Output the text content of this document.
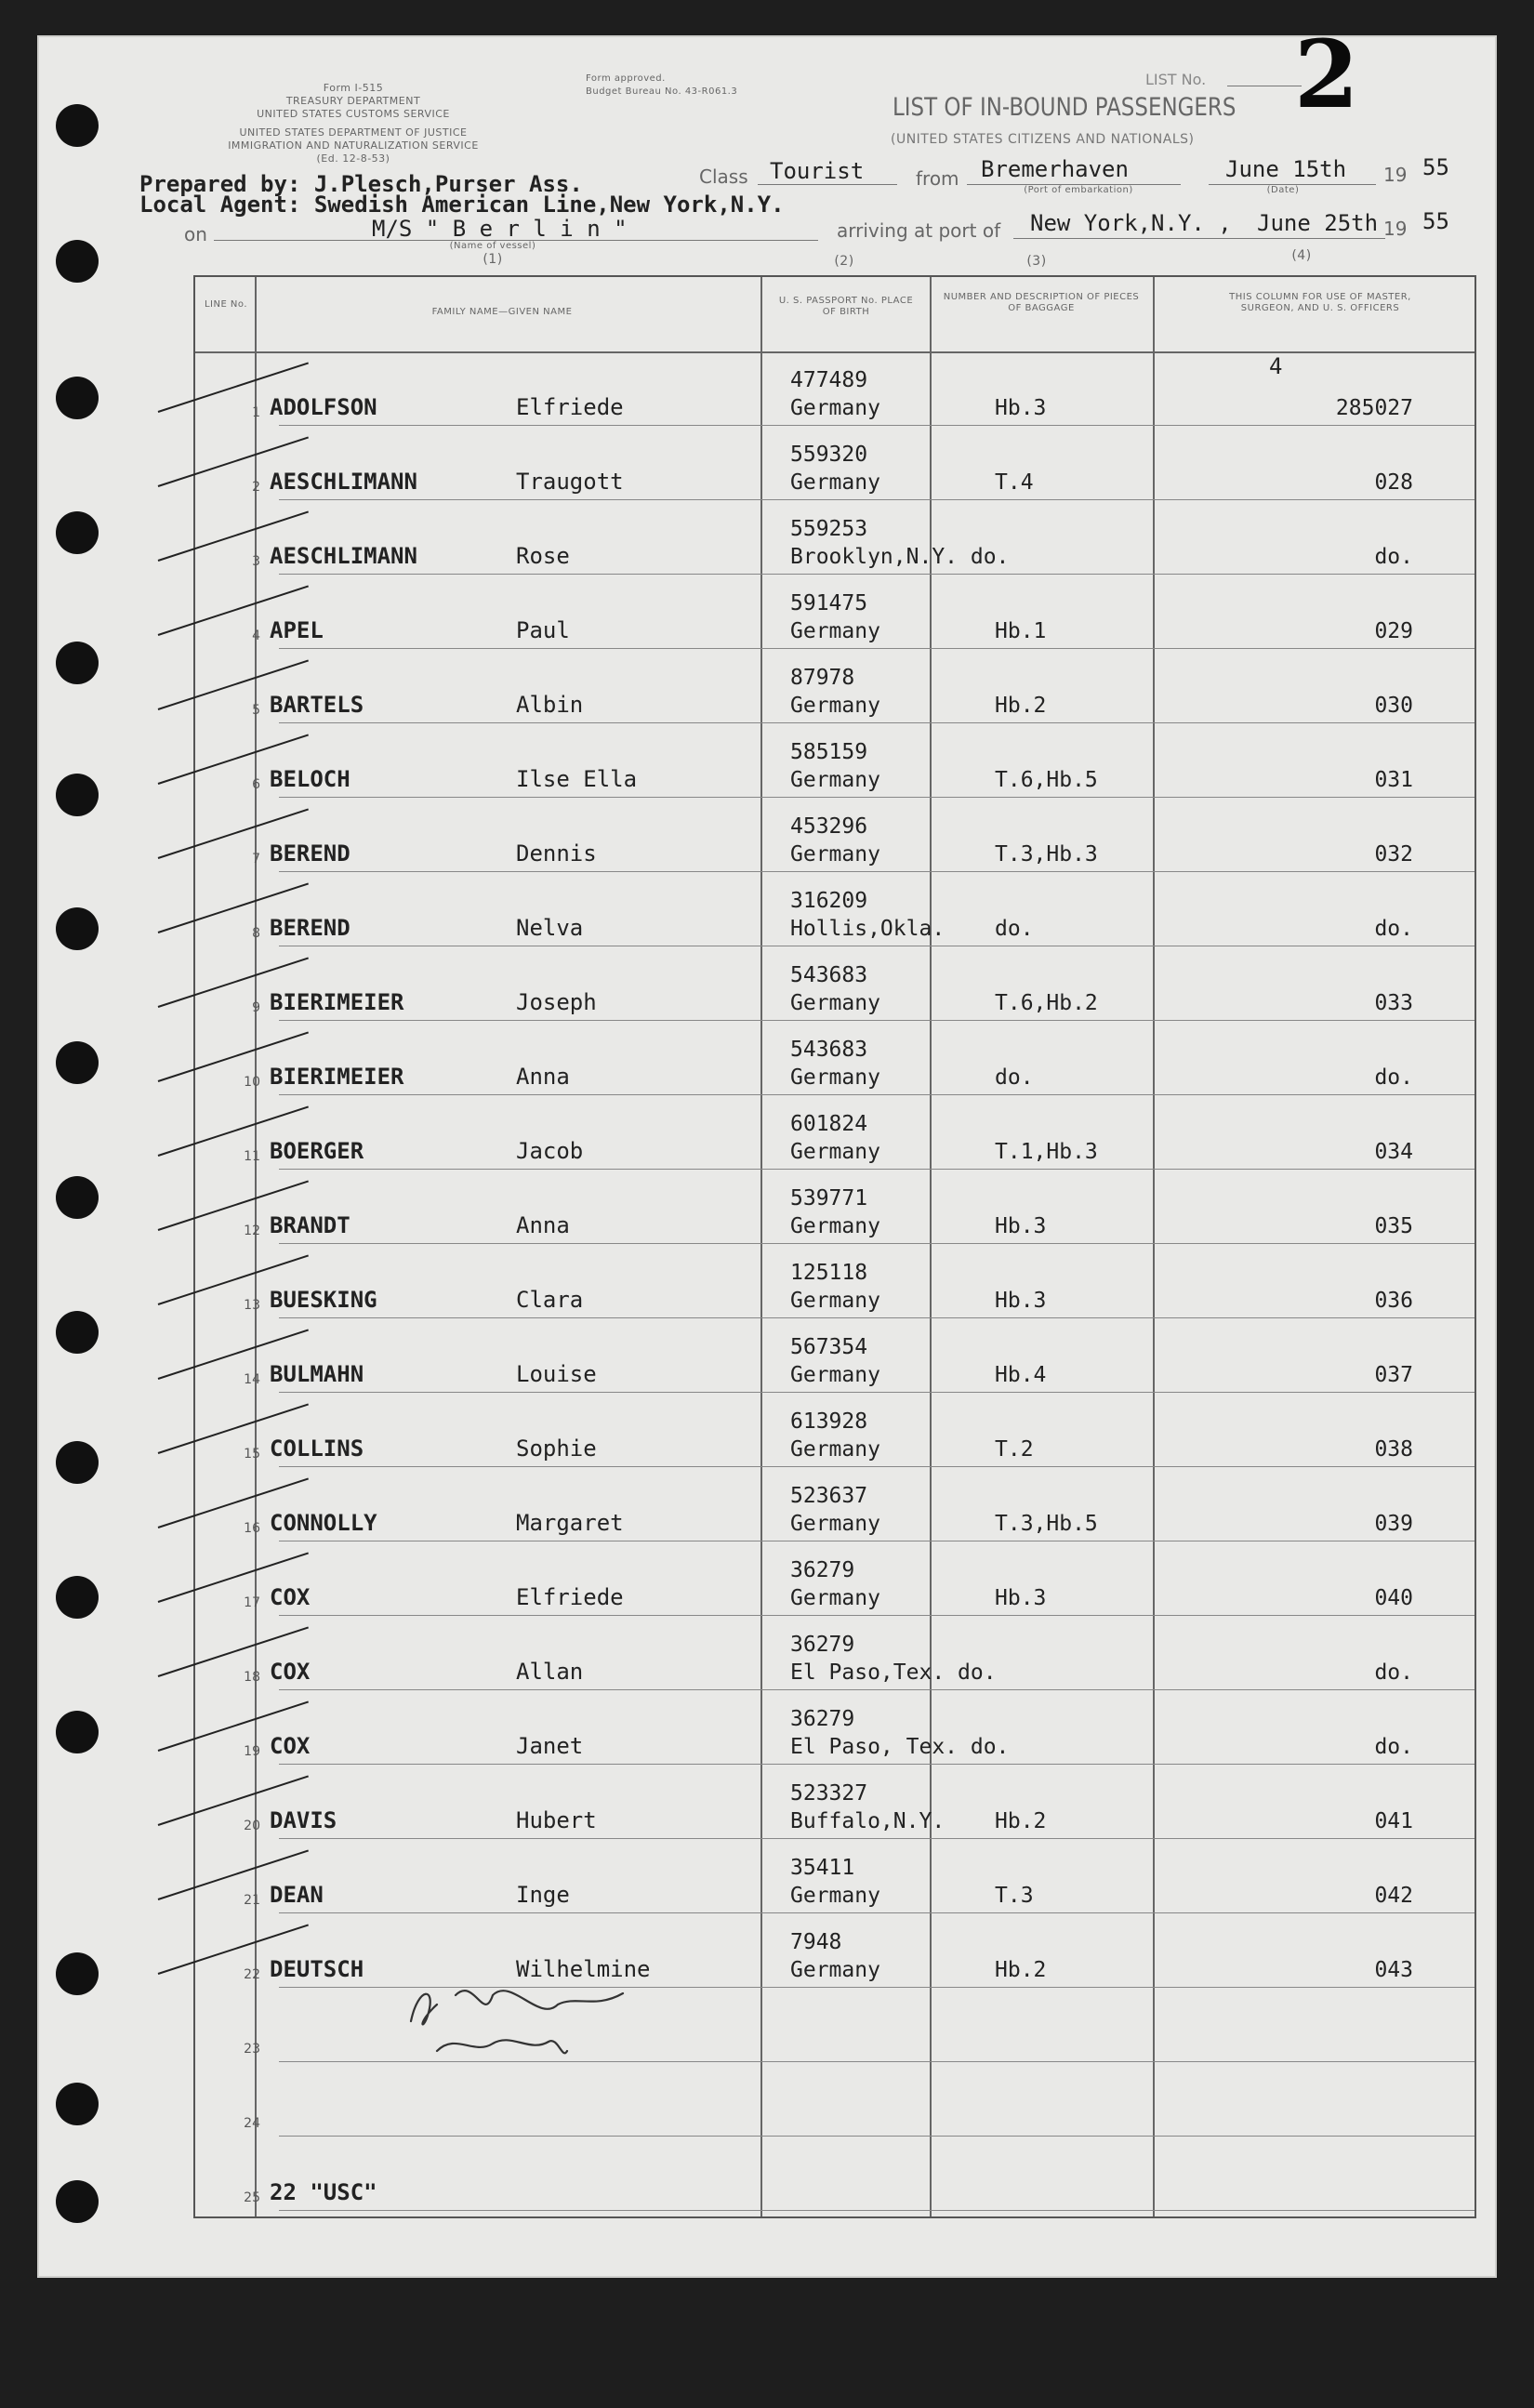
Form I-515
TREASURY DEPARTMENT
UNITED STATES CUSTOMS SERVICE
UNITED STATES DEPARTMENT OF JUSTICE
IMMIGRATION AND NATURALIZATION SERVICE
(Ed. 12-8-53)
Form approved.
Budget Bureau No. 43-R061.3
LIST OF IN-BOUND PASSENGERS
(UNITED STATES CITIZENS AND NATIONALS)
LIST No. 2
Prepared by: J.Plesch,Purser Ass.
Local Agent: Swedish American Line,New York,N.Y.
Class Tourist	from Bremerhaven
(Port of embarkation)
June 15th
(Date)
19 55
on	M/S " B e r l i n "
(Name of vessel)
(1)
arriving at port of New York,N.Y. , June 25th 19 55
(2)	(3)	(4)
LINE No.
FAMILY NAME—GIVEN NAME
U. S. PASSPORT No. PLACE OF BIRTH
NUMBER AND DESCRIPTION OF PIECES OF BAGGAGE
THIS COLUMN FOR USE OF MASTER, SURGEON, AND U. S. OFFICERS
4
1 ADOLFSON	Elfriede
477489
Germany	Hb.3	285027
2 AESCHLIMANN	Traugott
559320
Germany	T.4	028
3 AESCHLIMANN	Rose
559253
Brooklyn,N.Y. do.	do.
4 APEL	Paul
591475
Germany	Hb.1	029
5 BARTELS	Albin
87978
Germany	Hb.2	030
6 BELOCH	Ilse Ella
585159
Germany	T.6,Hb.5	031
7 BEREND	Dennis
453296
Germany	T.3,Hb.3	032
8 BEREND	Nelva
316209
Hollis,Okla. do.	do.
9 BIERIMEIER	Joseph
543683
Germany	T.6,Hb.2	033
10 BIERIMEIER	Anna
543683
Germany	do.	do.
11 BOERGER	Jacob
601824
Germany	T.1,Hb.3	034
12 BRANDT	Anna
539771
Germany	Hb.3	035
13 BUESKING	Clara
125118
Germany	Hb.3	036
14 BULMAHN	Louise
567354
Germany	Hb.4	037
15 COLLINS	Sophie
613928
Germany	T.2	038
16 CONNOLLY	Margaret
523637
Germany	T.3,Hb.5	039
17 COX	Elfriede
36279
Germany	Hb.3	040
18 COX	Allan
36279
El Paso,Tex. do.	do.
19 COX	Janet
36279
El Paso, Tex. do.	do.
20 DAVIS	Hubert
523327
Buffalo,N.Y. Hb.2	041
21 DEAN	Inge
35411
Germany	T.3	042
22 DEUTSCH	Wilhelmine
7948
Germany	Hb.2	043
23
24
25 22 "USC"
